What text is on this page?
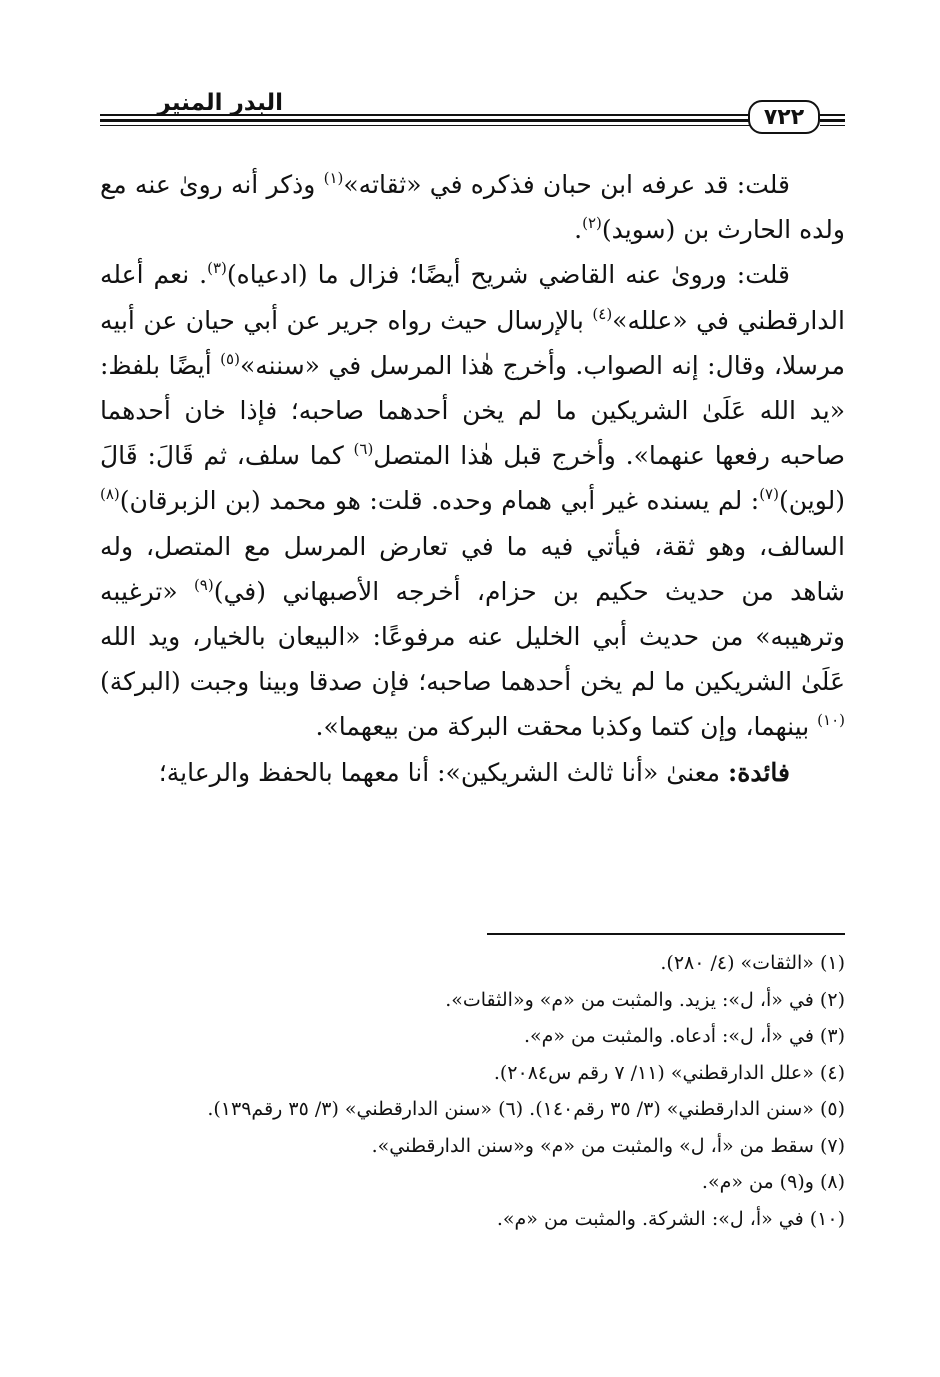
البدر المنير
٧٢٢

قلت: قد عرفه ابن حبان فذكره في «ثقاته»$^{(١)}$ وذكر أنه روىٰ عنه مع ولده الحارث بن (سويد)$^{(٢)}$.

قلت: وروىٰ عنه القاضي شريح أيضًا؛ فزال ما (ادعياه)$^{(٣)}$. نعم أعله الدارقطني في «علله»$^{(٤)}$ بالإرسال حيث رواه جرير عن أبي حيان عن أبيه مرسلا، وقال: إنه الصواب. وأخرج هٰذا المرسل في «سننه»$^{(٥)}$ أيضًا بلفظ: «يد الله عَلَىٰ الشريكين ما لم يخن أحدهما صاحبه؛ فإذا خان أحدهما صاحبه رفعها عنهما». وأخرج قبل هٰذا المتصل$^{(٦)}$ كما سلف، ثم قَالَ: قَالَ (لوين)$^{(٧)}$: لم يسنده غير أبي همام وحده. قلت: هو محمد (بن الزبرقان)$^{(٨)}$ السالف، وهو ثقة، فيأتي فيه ما في تعارض المرسل مع المتصل، وله شاهد من حديث حكيم بن حزام، أخرجه الأصبهاني (في)$^{(٩)}$ «ترغيبه وترهيبه» من حديث أبي الخليل عنه مرفوعًا: «البيعان بالخيار، ويد الله عَلَىٰ الشريكين ما لم يخن أحدهما صاحبه؛ فإن صدقا وبينا وجبت (البركة)$^{(١٠)}$ بينهما، وإن كتما وكذبا محقت البركة من بيعهما».

فائدة: معنىٰ «أنا ثالث الشريكين»: أنا معهما بالحفظ والرعاية؛

(١) «الثقات» (٤/ ٢٨٠).

(٢) في «أ، ل»: يزيد. والمثبت من «م» و«الثقات».

(٣) في «أ، ل»: أدعاه. والمثبت من «م».

(٤) «علل الدارقطني» (١١/ ٧ رقم س٢٠٨٤).

(٥) «سنن الدارقطني» (٣/ ٣٥ رقم١٤٠). (٦) «سنن الدارقطني» (٣/ ٣٥ رقم١٣٩).

(٧) سقط من «أ، ل» والمثبت من «م» و«سنن الدارقطني».

(٨) و(٩) من «م».

(١٠) في «أ، ل»: الشركة. والمثبت من «م».
